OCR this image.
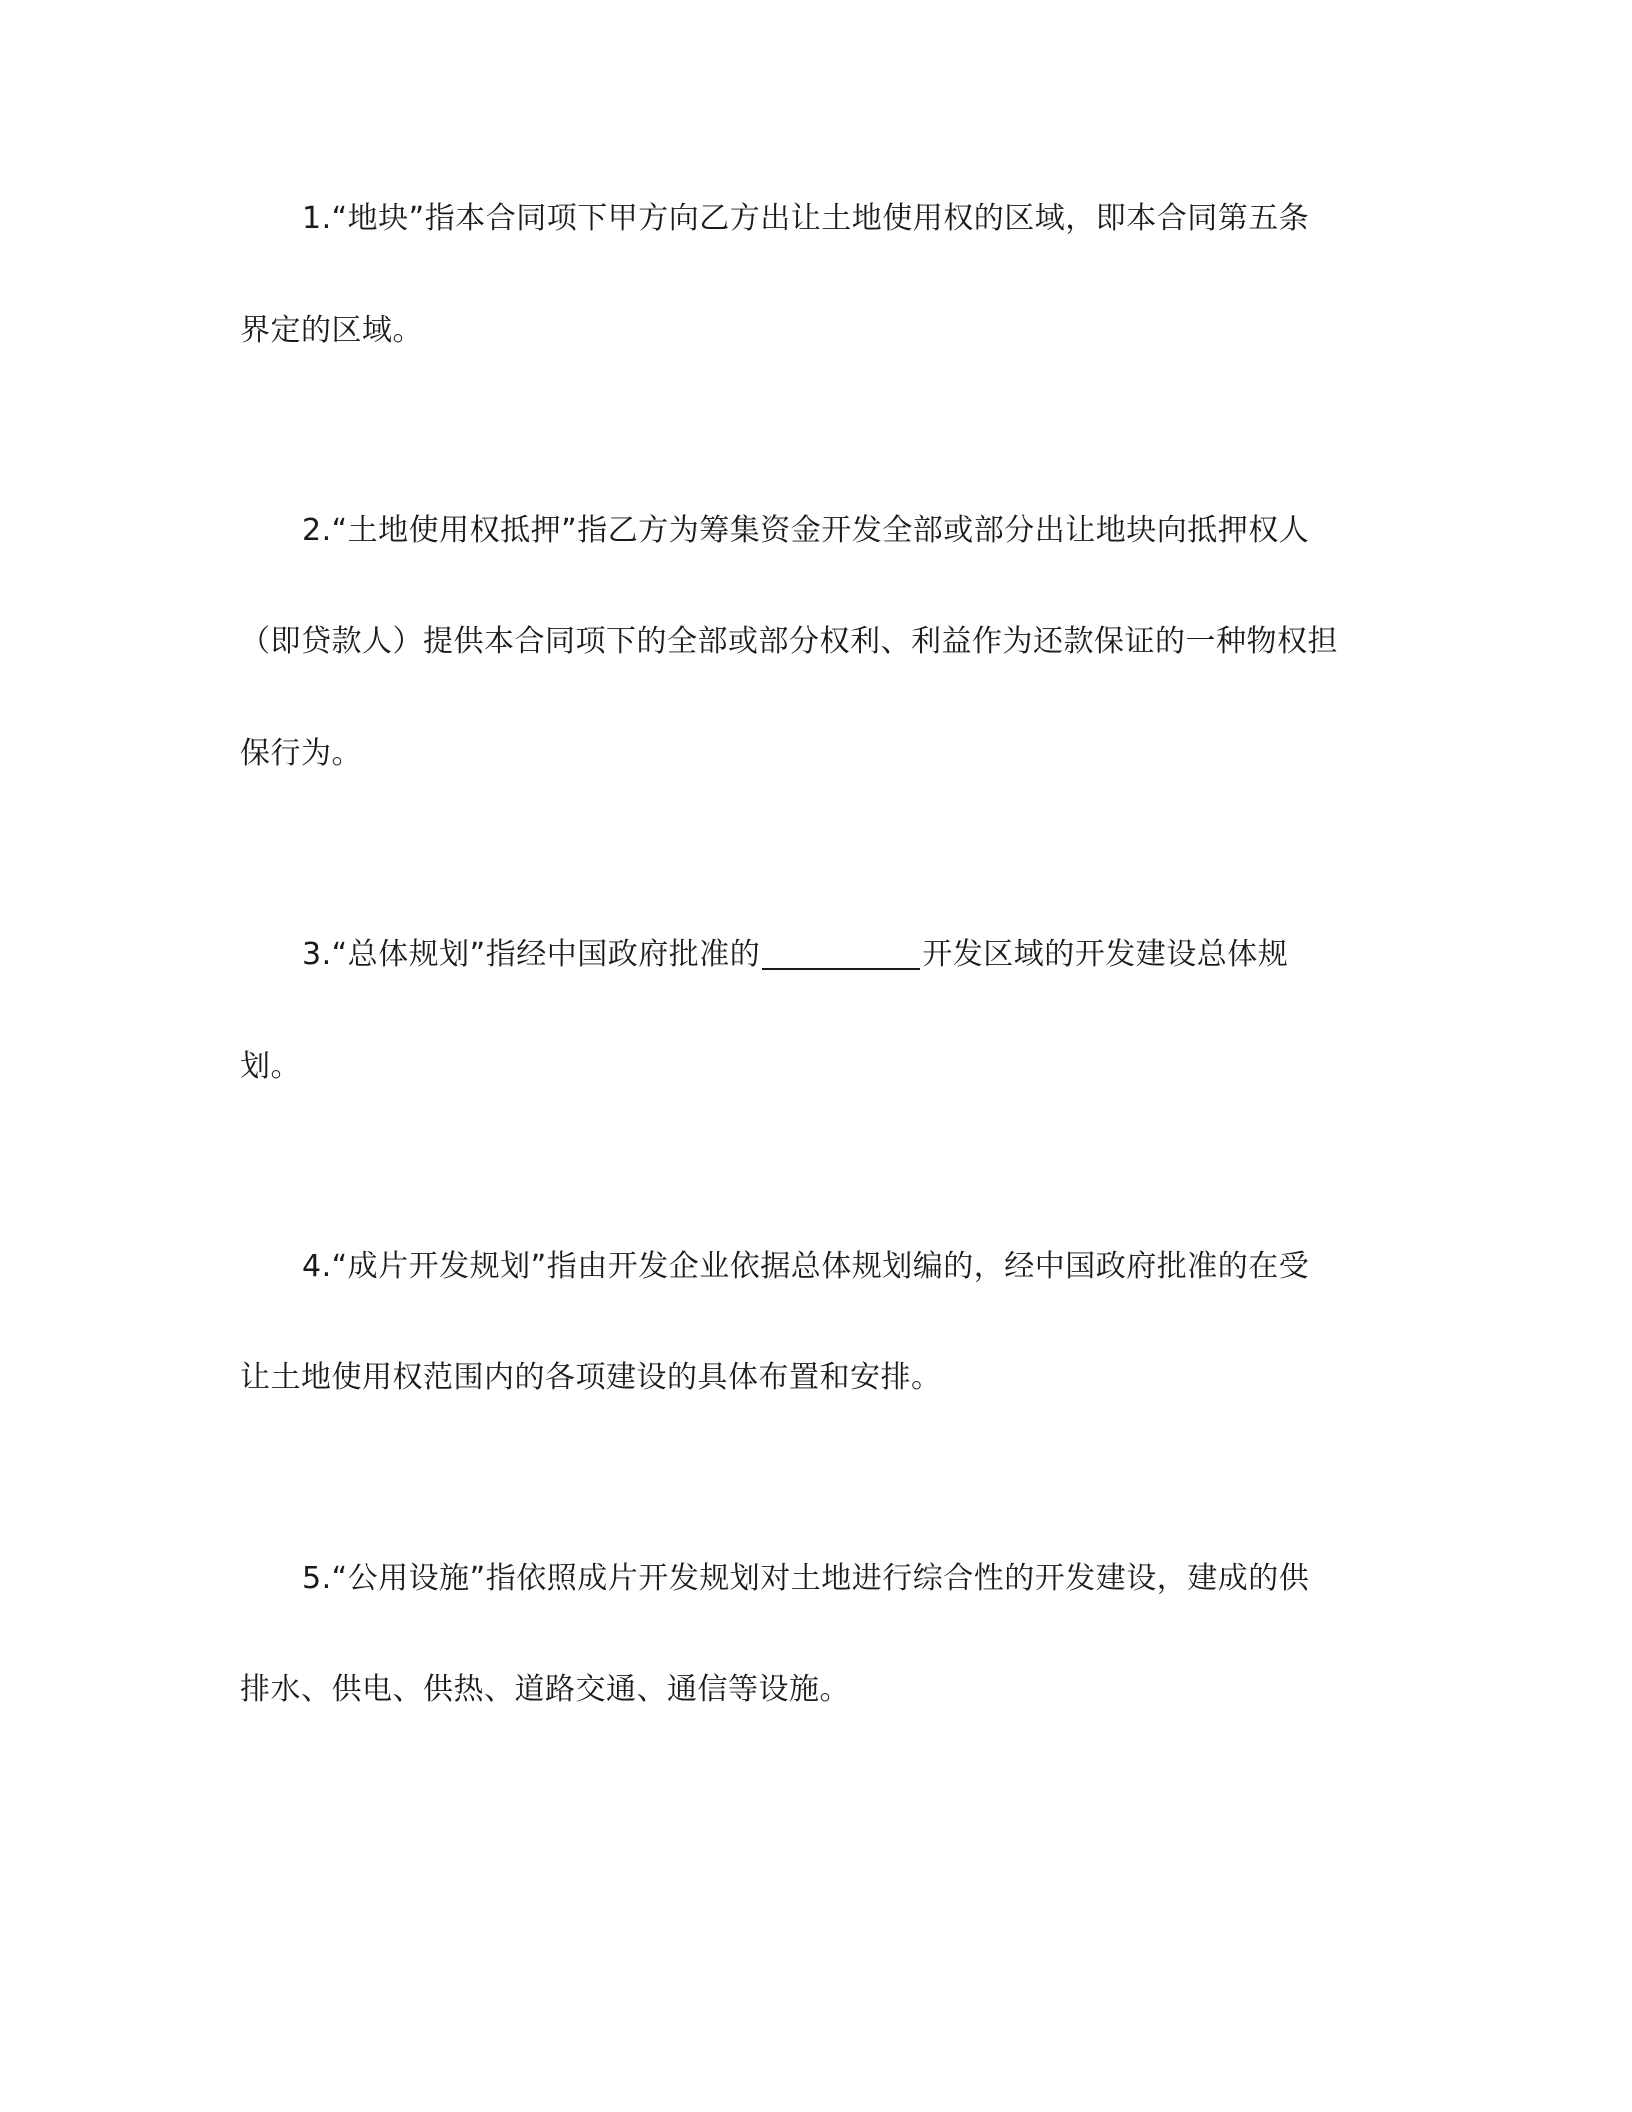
1.“地块”指本合同项下甲方向乙方出让土地使用权的区域，即本合同第五条
界定的区域。
2.“土地使用权抵押”指乙方为筹集资金开发全部或部分出让地块向抵押权人
（即贷款人）提供本合同项下的全部或部分权利、利益作为还款保证的一种物权担
保行为。
3.“总体规划”指经中国政府批准的	开发区域的开发建设总体规
划。
4.“成片开发规划”指由开发企业依据总体规划编的，经中国政府批准的在受
让土地使用权范围内的各项建设的具体布置和安排。
5.“公用设施”指依照成片开发规划对土地进行综合性的开发建设，建成的供
排水、供电、供热、道路交通、通信等设施。
